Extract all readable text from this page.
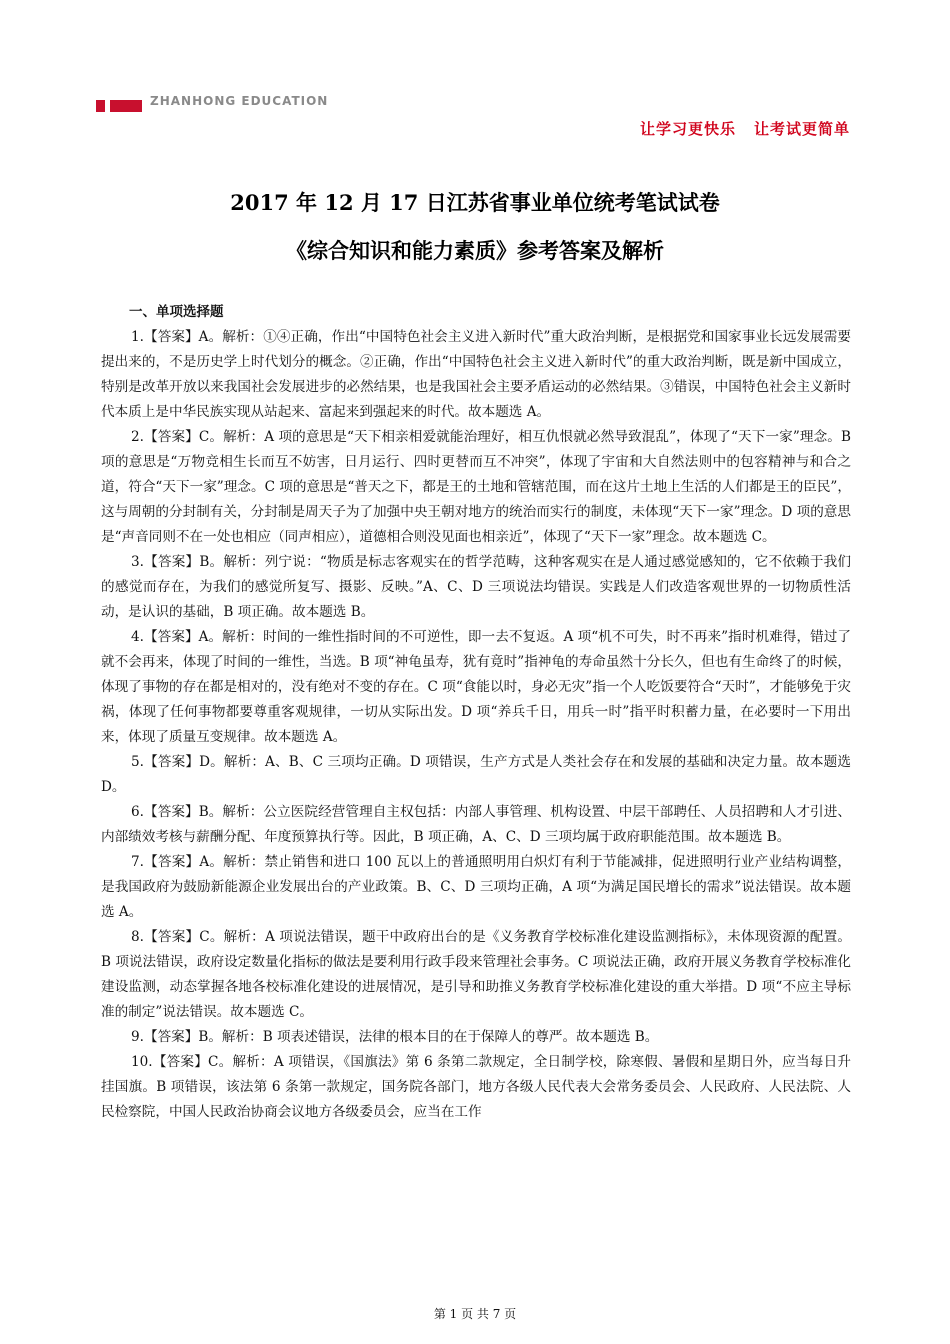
ZHANHONG EDUCATION
让学习更快乐 让考试更简单
2017 年 12 月 17 日江苏省事业单位统考笔试试卷
《综合知识和能力素质》参考答案及解析
一、单项选择题

1.【答案】A。解析：①④正确，作出“中国特色社会主义进入新时代”重大政治判断，是根据党和国家事业长远发展需要提出来的，不是历史学上时代划分的概念。②正确，作出“中国特色社会主义进入新时代”的重大政治判断，既是新中国成立，特别是改革开放以来我国社会发展进步的必然结果，也是我国社会主要矛盾运动的必然结果。③错误，中国特色社会主义新时代本质上是中华民族实现从站起来、富起来到强起来的时代。故本题选 A。

2.【答案】C。解析：A 项的意思是“天下相亲相爱就能治理好，相互仇恨就必然导致混乱”，体现了“天下一家”理念。B 项的意思是“万物竞相生长而互不妨害，日月运行、四时更替而互不冲突”，体现了宇宙和大自然法则中的包容精神与和合之道，符合“天下一家”理念。C 项的意思是“普天之下，都是王的土地和管辖范围，而在这片土地上生活的人们都是王的臣民”，这与周朝的分封制有关，分封制是周天子为了加强中央王朝对地方的统治而实行的制度，未体现“天下一家”理念。D 项的意思是“声音同则不在一处也相应（同声相应），道德相合则没见面也相亲近”，体现了“天下一家”理念。故本题选 C。

3.【答案】B。解析：列宁说：“物质是标志客观实在的哲学范畴，这种客观实在是人通过感觉感知的，它不依赖于我们的感觉而存在，为我们的感觉所复写、摄影、反映。”A、C、D 三项说法均错误。实践是人们改造客观世界的一切物质性活动，是认识的基础，B 项正确。故本题选 B。

4.【答案】A。解析：时间的一维性指时间的不可逆性，即一去不复返。A 项“机不可失，时不再来”指时机难得，错过了就不会再来，体现了时间的一维性，当选。B 项“神龟虽寿，犹有竟时”指神龟的寿命虽然十分长久，但也有生命终了的时候，体现了事物的存在都是相对的，没有绝对不变的存在。C 项“食能以时，身必无灾”指一个人吃饭要符合“天时”，才能够免于灾祸，体现了任何事物都要尊重客观规律，一切从实际出发。D 项“养兵千日，用兵一时”指平时积蓄力量，在必要时一下用出来，体现了质量互变规律。故本题选 A。

5.【答案】D。解析：A、B、C 三项均正确。D 项错误，生产方式是人类社会存在和发展的基础和决定力量。故本题选 D。

6.【答案】B。解析：公立医院经营管理自主权包括：内部人事管理、机构设置、中层干部聘任、人员招聘和人才引进、内部绩效考核与薪酬分配、年度预算执行等。因此，B 项正确，A、C、D 三项均属于政府职能范围。故本题选 B。

7.【答案】A。解析：禁止销售和进口 100 瓦以上的普通照明用白炽灯有利于节能减排，促进照明行业产业结构调整，是我国政府为鼓励新能源企业发展出台的产业政策。B、C、D 三项均正确，A 项“为满足国民增长的需求”说法错误。故本题选 A。

8.【答案】C。解析：A 项说法错误，题干中政府出台的是《义务教育学校标准化建设监测指标》，未体现资源的配置。B 项说法错误，政府设定数量化指标的做法是要利用行政手段来管理社会事务。C 项说法正确，政府开展义务教育学校标准化建设监测，动态掌握各地各校标准化建设的进展情况，是引导和助推义务教育学校标准化建设的重大举措。D 项“不应主导标准的制定”说法错误。故本题选 C。

9.【答案】B。解析：B 项表述错误，法律的根本目的在于保障人的尊严。故本题选 B。

10.【答案】C。解析：A 项错误，《国旗法》第 6 条第二款规定，全日制学校，除寒假、暑假和星期日外，应当每日升挂国旗。B 项错误，该法第 6 条第一款规定，国务院各部门，地方各级人民代表大会常务委员会、人民政府、人民法院、人民检察院，中国人民政治协商会议地方各级委员会，应当在工作

第 1 页 共 7 页
